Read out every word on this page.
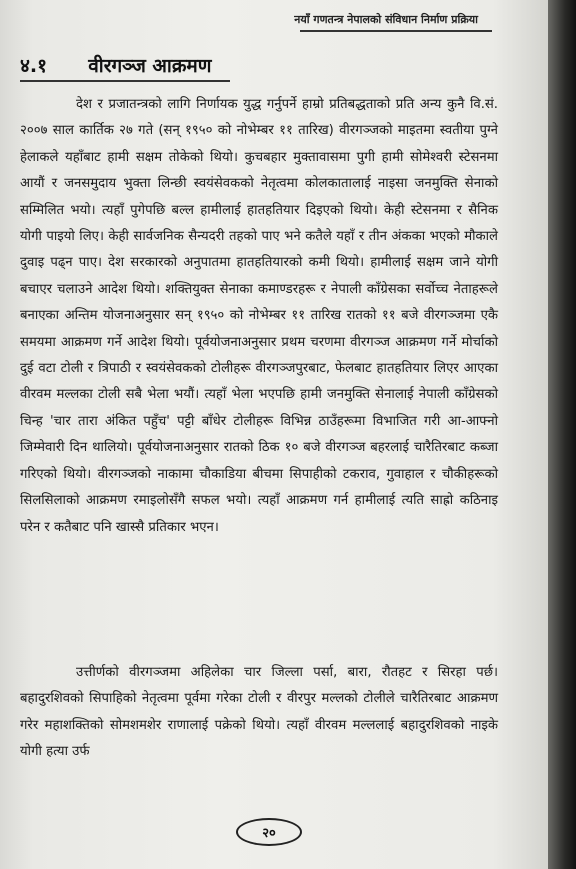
नयाँ गणतन्त्र नेपालको संविधान निर्माण प्रक्रिया
४.१ वीरगञ्ज आक्रमण

देश र प्रजातन्त्रको लागि निर्णायक युद्ध गर्नुपर्ने हाम्रो प्रतिबद्धताको प्रति अन्य कुनै वि.सं. २००७ साल कार्तिक २७ गते (सन् १९५० को नोभेम्बर ११ तारिख) वीरगञ्जको माइतमा स्वतीया पुग्ने हेलाकले यहाँबाट हामी सक्षम तोकेको थियो। कुचबहार मुक्तावासमा पुगी हामी सोमेश्वरी स्टेसनमा आयौं र जनसमुदाय भुक्ता लिन्छी स्वयंसेवकको नेतृत्वमा कोलकातालाई नाइसा जनमुक्ति सेनाको सम्मिलित भयो। त्यहाँ पुगेपछि बल्ल हामीलाई हातहतियार दिइएको थियो। केही स्टेसनमा र सैनिक योगी पाइयो लिए। केही सार्वजनिक सैन्यदरी तहको पाए भने कतैले यहाँ र तीन अंकका भएको मौकाले दुवाइ पढ्न पाए। देश सरकारको अनुपातमा हातहतियारको कमी थियो। हामीलाई सक्षम जाने योगी बचाएर चलाउने आदेश थियो। शक्तियुक्त सेनाका कमाण्डरहरू र नेपाली काँग्रेसका सर्वोच्च नेताहरूले बनाएका अन्तिम योजनाअनुसार सन् १९५० को नोभेम्बर ११ तारिख रातको ११ बजे वीरगञ्जमा एकै समयमा आक्रमण गर्ने आदेश थियो। पूर्वयोजनाअनुसार प्रथम चरणमा वीरगञ्ज आक्रमण गर्ने मोर्चाको दुई वटा टोली र त्रिपाठी र स्वयंसेवकको टोलीहरू वीरगञ्जपुरबाट, फेलबाट हातहतियार लिएर आएका वीरवम मल्लका टोली सबै भेला भयौं। त्यहाँ भेला भएपछि हामी जनमुक्ति सेनालाई नेपाली काँग्रेसको चिन्ह 'चार तारा अंकित पहुँच' पट्टी बाँधेर टोलीहरू विभिन्न ठाउँहरूमा विभाजित गरी आ-आफ्नो जिम्मेवारी दिन थालियो। पूर्वयोजनाअनुसार रातको ठिक १० बजे वीरगञ्ज बहरलाई चारैतिरबाट कब्जा गरिएको थियो। वीरगञ्जको नाकामा चौकाडिया बीचमा सिपाहीको टकराव, गुवाहाल र चौकीहरूको सिलसिलाको आक्रमण रमाइलोसँगै सफल भयो। त्यहाँ आक्रमण गर्न हामीलाई त्यति साह्रो कठिनाइ परेन र कतैबाट पनि खास्सै प्रतिकार भएन।

उत्तीर्णको वीरगञ्जमा अहिलेका चार जिल्ला पर्सा, बारा, रौतहट र सिरहा पर्छ। बहादुरशिवको सिपाहिको नेतृत्वमा पूर्वमा गरेका टोली र वीरपुर मल्लको टोलीले चारैतिरबाट आक्रमण गरेर महाशक्तिको सोमशमशेर राणालाई पक्रेको थियो। त्यहाँ वीरवम मल्ललाई बहादुरशिवको नाइके योगी हत्या उर्फ

२०
